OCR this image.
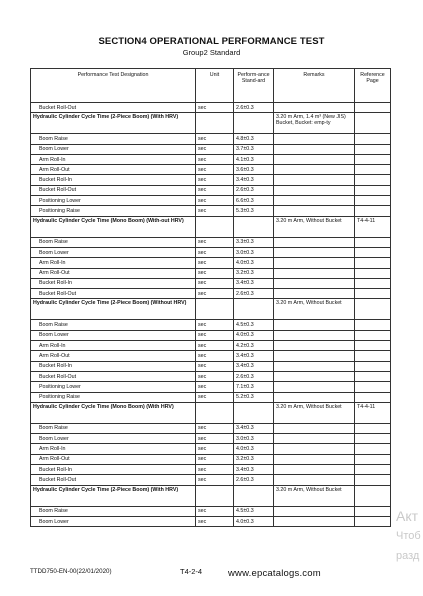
SECTION4 OPERATIONAL PERFORMANCE TEST
Group2 Standard
Performance Test Designation	Unit	Perform-ance Stand-ard	Remarks	Reference Page
Bucket Roll-Out	sec	2.6±0.3		
Hydraulic Cylinder Cycle Time (2-Piece Boom) (With HRV)			3.20 m Arm, 1.4 m³ (New JIS) Bucket, Bucket: emp-ty	
Boom Raise	sec	4.8±0.3		
Boom Lower	sec	3.7±0.3		
Arm Roll-In	sec	4.1±0.3		
Arm Roll-Out	sec	3.6±0.3		
Bucket Roll-In	sec	3.4±0.3		
Bucket Roll-Out	sec	2.6±0.3		
Positioning Lower	sec	6.6±0.3		
Positioning Raise	sec	5.3±0.3		
Hydraulic Cylinder Cycle Time (Mono Boom) (With-out HRV)			3.20 m Arm, Without Bucket	T4-4-11
Boom Raise	sec	3.3±0.3		
Boom Lower	sec	3.0±0.3		
Arm Roll-In	sec	4.0±0.3		
Arm Roll-Out	sec	3.2±0.3		
Bucket Roll-In	sec	3.4±0.3		
Bucket Roll-Out	sec	2.6±0.3		
Hydraulic Cylinder Cycle Time (2-Piece Boom) (Without HRV)			3.20 m Arm, Without Bucket	
Boom Raise	sec	4.5±0.3		
Boom Lower	sec	4.0±0.3		
Arm Roll-In	sec	4.2±0.3		
Arm Roll-Out	sec	3.4±0.3		
Bucket Roll-In	sec	3.4±0.3		
Bucket Roll-Out	sec	2.6±0.3		
Positioning Lower	sec	7.1±0.3		
Positioning Raise	sec	5.2±0.3		
Hydraulic Cylinder Cycle Time (Mono Boom) (With HRV)			3.20 m Arm, Without Bucket	T4-4-11
Boom Raise	sec	3.4±0.3		
Boom Lower	sec	3.0±0.3		
Arm Roll-In	sec	4.0±0.3		
Arm Roll-Out	sec	3.2±0.3		
Bucket Roll-In	sec	3.4±0.3		
Bucket Roll-Out	sec	2.6±0.3		
Hydraulic Cylinder Cycle Time (2-Piece Boom) (With HRV)			3.20 m Arm, Without Bucket	
Boom Raise	sec	4.5±0.3		
Boom Lower	sec	4.0±0.3		
TTDD750-EN-00(22/01/2020)	T4-2-4	www.epcatalogs.com
Акт
Чтоб
разд
